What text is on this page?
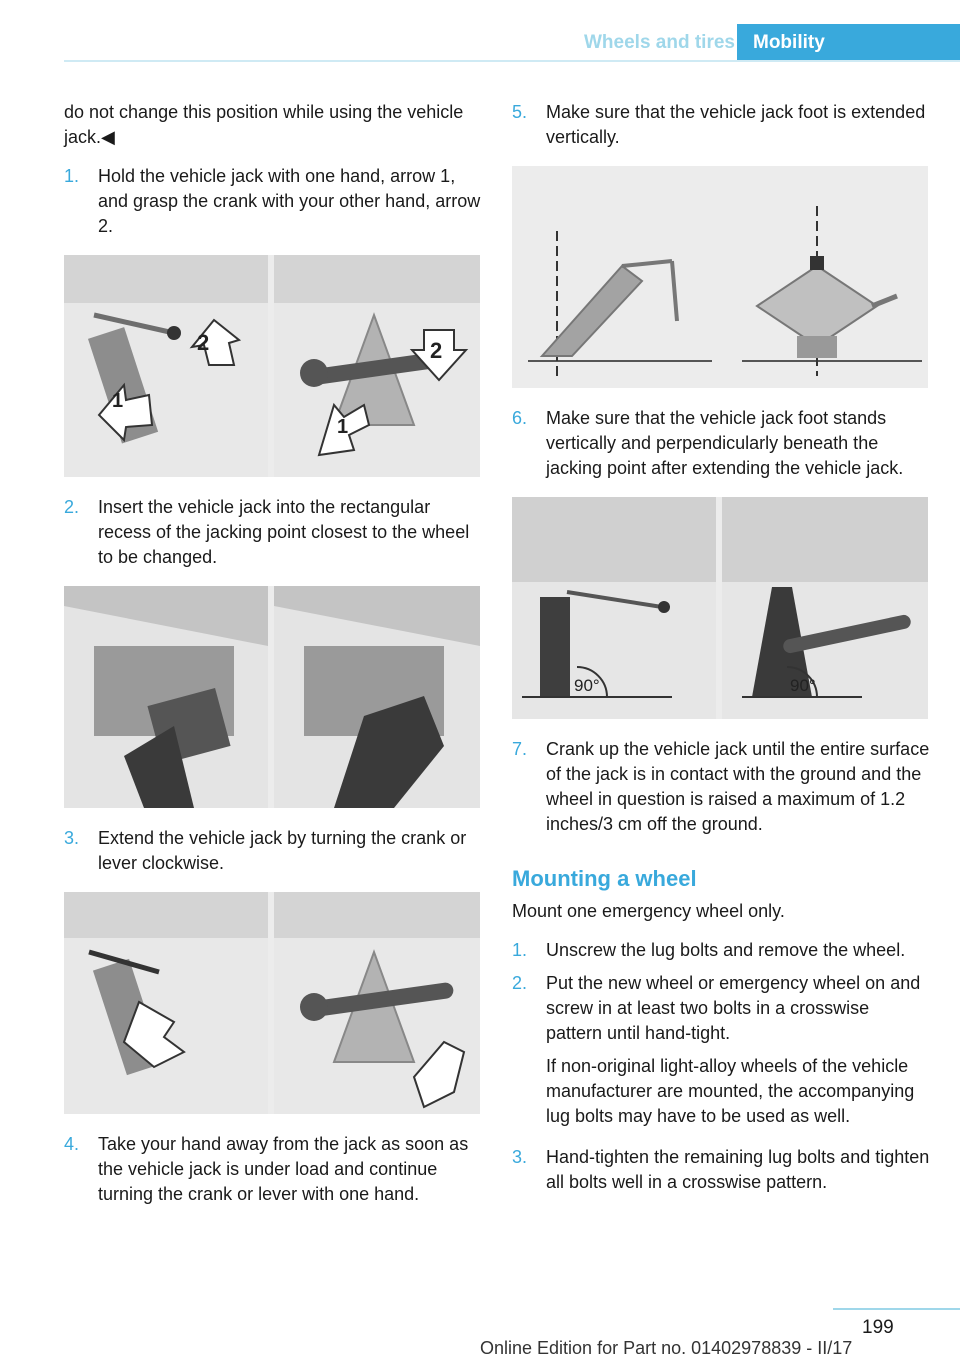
Wheels and tires Mobility

do not change this position while using the vehicle jack.◀

1.	Hold the vehicle jack with one hand, arrow 1, and grasp the crank with your other hand, arrow 2.
1
2	2
1
2.	Insert the vehicle jack into the rectangular recess of the jacking point closest to the wheel to be changed.
3.	Extend the vehicle jack by turning the crank or lever clockwise.
4.	Take your hand away from the jack as soon as the vehicle jack is under load and continue turning the crank or lever with one hand.
5.	Make sure that the vehicle jack foot is extended vertically.
6.	Make sure that the vehicle jack foot stands vertically and perpendicularly beneath the jacking point after extending the vehicle jack.
90°	90°
7.	Crank up the vehicle jack until the entire surface of the jack is in contact with the ground and the wheel in question is raised a maximum of 1.2 inches/3 cm off the ground.
Mounting a wheel

Mount one emergency wheel only.

1.	Unscrew the lug bolts and remove the wheel.
2.	Put the new wheel or emergency wheel on and screw in at least two bolts in a crosswise pattern until hand-tight.

If non-original light-alloy wheels of the vehicle manufacturer are mounted, the accompanying lug bolts may have to be used as well.

3.	Hand-tighten the remaining lug bolts and tighten all bolts well in a crosswise pattern.
199
Online Edition for Part no. 01402978839 - II/17
